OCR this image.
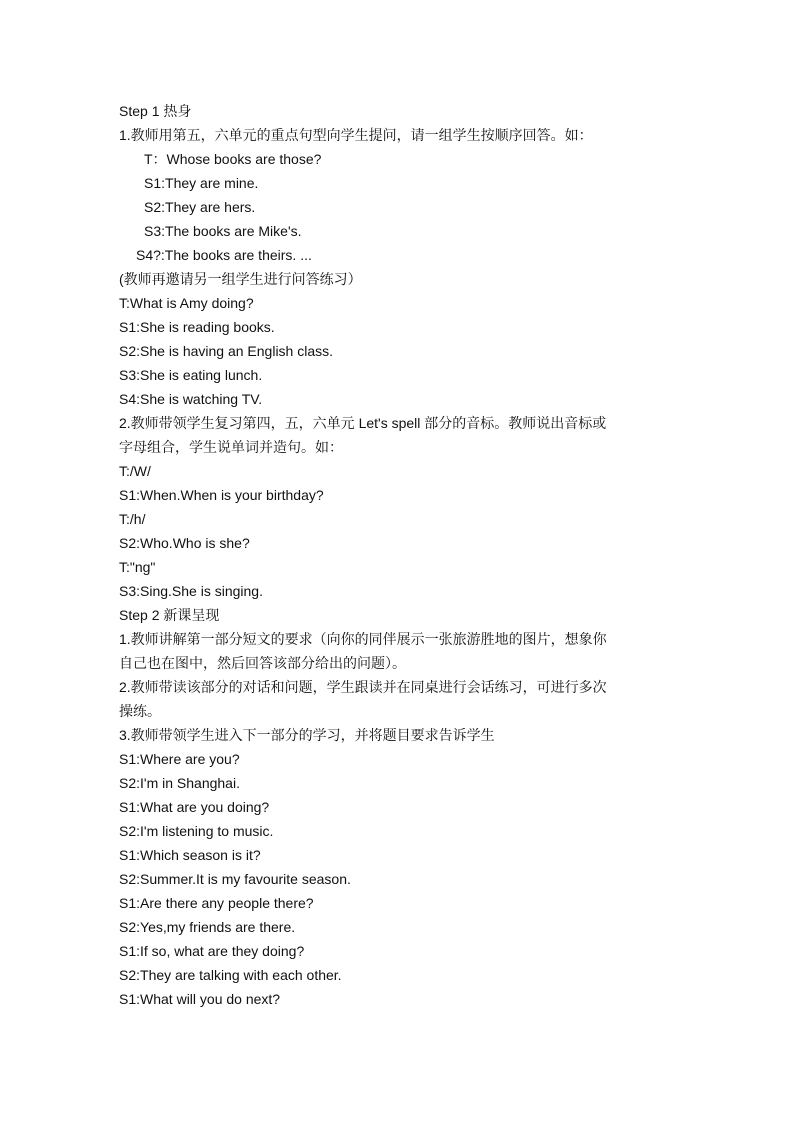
Step 1 热身
1.教师用第五，六单元的重点句型向学生提问，请一组学生按顺序回答。如：
T：Whose books are those?
S1:They are mine.
S2:They are hers.
S3:The books are Mike's.
S4?:The books are theirs. ...
(教师再邀请另一组学生进行问答练习）
T:What is Amy doing?
S1:She is reading books.
S2:She is having an English class.
S3:She is eating lunch.
S4:She is watching TV.
2.教师带领学生复习第四，五，六单元 Let's spell 部分的音标。教师说出音标或
字母组合，学生说单词并造句。如：
T:/W/
S1:When.When is your birthday?
T:/h/
S2:Who.Who is she?
T:"ng"
S3:Sing.She is singing.
Step 2 新课呈现
1.教师讲解第一部分短文的要求（向你的同伴展示一张旅游胜地的图片，想象你
自己也在图中，然后回答该部分给出的问题）。
2.教师带读该部分的对话和问题，学生跟读并在同桌进行会话练习，可进行多次
操练。
3.教师带领学生进入下一部分的学习，并将题目要求告诉学生
S1:Where are you?
S2:I'm in Shanghai.
S1:What are you doing?
S2:I'm listening to music.
S1:Which season is it?
S2:Summer.It is my favourite season.
S1:Are there any people there?
S2:Yes,my friends are there.
S1:If so, what are they doing?
S2:They are talking with each other.
S1:What will you do next?
